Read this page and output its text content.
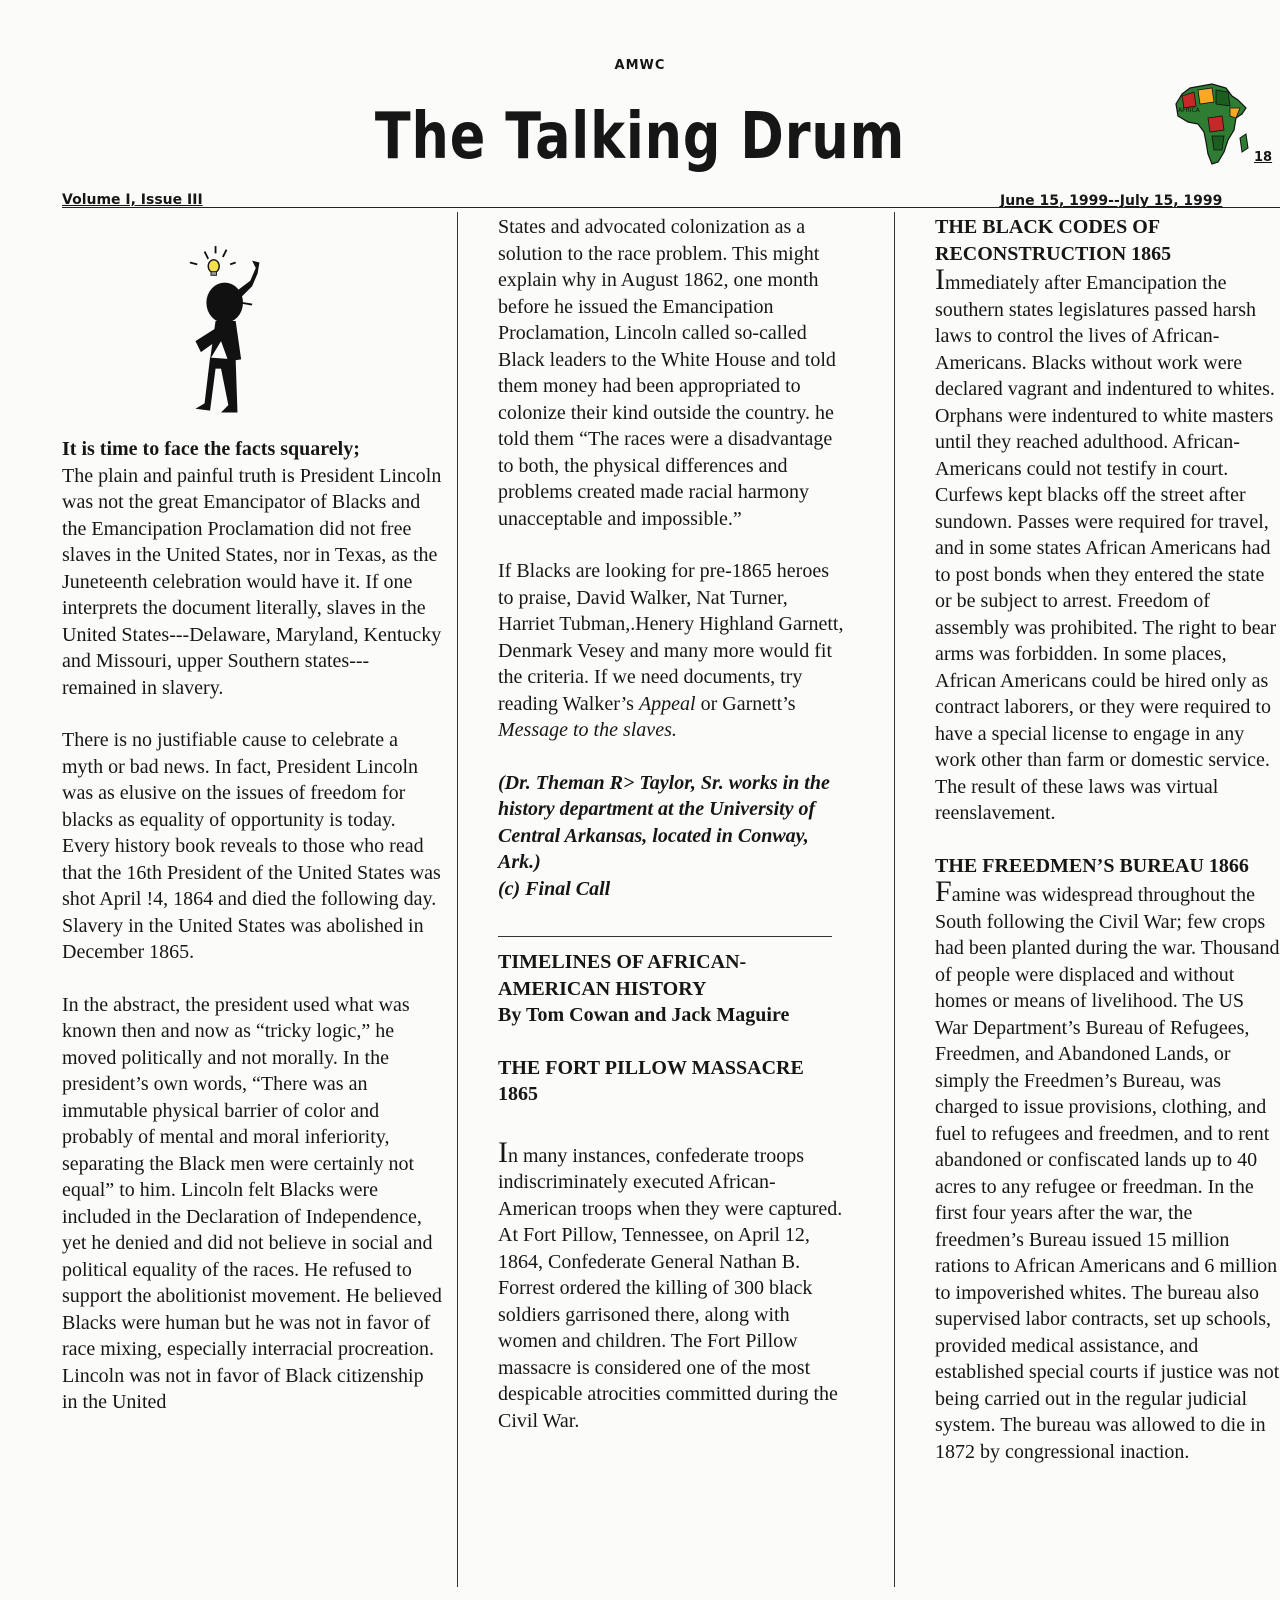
AMWC
The Talking Drum	AFRICA
18
Volume I, Issue III	June 15, 1999--July 15, 1999

It is time to face the facts squarely;

The plain and painful truth is President Lincoln was not the great Emancipator of Blacks and the Emancipation Proclamation did not free slaves in the United States, nor in Texas, as the Juneteenth celebration would have it. If one interprets the document literally, slaves in the United States---Delaware, Maryland, Kentucky and Missouri, upper Southern states--- remained in slavery.

There is no justifiable cause to celebrate a myth or bad news. In fact, President Lincoln was as elusive on the issues of freedom for blacks as equality of opportunity is today. Every history book reveals to those who read that the 16th President of the United States was shot April !4, 1864 and died the following day. Slavery in the United States was abolished in December 1865.

In the abstract, the president used what was known then and now as “tricky logic,” he moved politically and not morally. In the president’s own words, “There was an immutable physical barrier of color and probably of mental and moral inferiority, separating the Black men were certainly not equal” to him. Lincoln felt Blacks were included in the Declaration of Independence, yet he denied and did not believe in social and political equality of the races. He refused to support the abolitionist movement. He believed Blacks were human but he was not in favor of race mixing, especially interracial procreation. Lincoln was not in favor of Black citizenship in the United

States and advocated colonization as a solution to the race problem. This might explain why in August 1862, one month before he issued the Emancipation Proclamation, Lincoln called so-called Black leaders to the White House and told them money had been appropriated to colonize their kind outside the country. he told them “The races were a disadvantage to both, the physical differences and problems created made racial harmony unacceptable and impossible.”

If Blacks are looking for pre-1865 heroes to praise, David Walker, Nat Turner, Harriet Tubman,.Henery Highland Garnett, Denmark Vesey and many more would fit the criteria. If we need documents, try reading Walker’s Appeal or Garnett’s Message to the slaves.

(Dr. Theman R> Taylor, Sr. works in the history department at the University of Central Arkansas, located in Conway, Ark.)

(c) Final Call

TIMELINES OF AFRICAN-AMERICAN HISTORY

By Tom Cowan and Jack Maguire

THE FORT PILLOW MASSACRE 1865

In many instances, confederate troops indiscriminately executed African-American troops when they were captured. At Fort Pillow, Tennessee, on April 12, 1864, Confederate General Nathan B. Forrest ordered the killing of 300 black soldiers garrisoned there, along with women and children. The Fort Pillow massacre is considered one of the most despicable atrocities committed during the Civil War.

THE BLACK CODES OF RECONSTRUCTION 1865

Immediately after Emancipation the southern states legislatures passed harsh laws to control the lives of African-Americans. Blacks without work were declared vagrant and indentured to whites. Orphans were indentured to white masters until they reached adulthood. African-Americans could not testify in court. Curfews kept blacks off the street after sundown. Passes were required for travel, and in some states African Americans had to post bonds when they entered the state or be subject to arrest. Freedom of assembly was prohibited. The right to bear arms was forbidden. In some places, African Americans could be hired only as contract laborers, or they were required to have a special license to engage in any work other than farm or domestic service. The result of these laws was virtual reenslavement.

THE FREEDMEN’S BUREAU 1866

Famine was widespread throughout the South following the Civil War; few crops had been planted during the war. Thousand of people were displaced and without homes or means of livelihood. The US War Department’s Bureau of Refugees, Freedmen, and Abandoned Lands, or simply the Freedmen’s Bureau, was charged to issue provisions, clothing, and fuel to refugees and freedmen, and to rent abandoned or confiscated lands up to 40 acres to any refugee or freedman. In the first four years after the war, the freedmen’s Bureau issued 15 million rations to African Americans and 6 million to impoverished whites. The bureau also supervised labor contracts, set up schools, provided medical assistance, and established special courts if justice was not being carried out in the regular judicial system. The bureau was allowed to die in 1872 by congressional inaction.
